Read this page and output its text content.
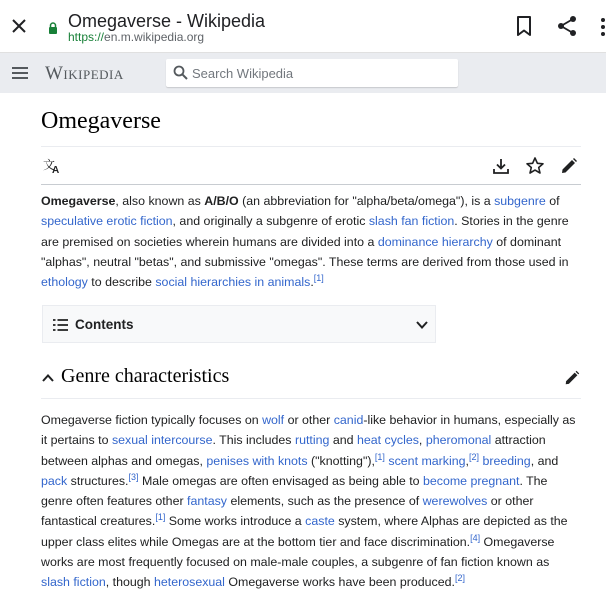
Omegaverse - Wikipedia
https://en.m.wikipedia.org
Wikipedia
Search Wikipedia
Omegaverse
文
A

Omegaverse, also known as A/B/O (an abbreviation for "alpha/beta/omega"), is a subgenre of speculative erotic fiction, and originally a subgenre of erotic slash fan fiction. Stories in the genre are premised on societies wherein humans are divided into a dominance hierarchy of dominant "alphas", neutral "betas", and submissive "omegas". These terms are derived from those used in ethology to describe social hierarchies in animals.[1]

Contents
Genre characteristics

Omegaverse fiction typically focuses on wolf or other canid-like behavior in humans, especially as it pertains to sexual intercourse. This includes rutting and heat cycles, pheromonal attraction between alphas and omegas, penises with knots ("knotting"),[1] scent marking,[2] breeding, and pack structures.[3] Male omegas are often envisaged as being able to become pregnant. The genre often features other fantasy elements, such as the presence of werewolves or other fantastical creatures.[1] Some works introduce a caste system, where Alphas are depicted as the upper class elites while Omegas are at the bottom tier and face discrimination.[4] Omegaverse works are most frequently focused on male-male couples, a subgenre of fan fiction known as slash fiction, though heterosexual Omegaverse works have been produced.[2]
